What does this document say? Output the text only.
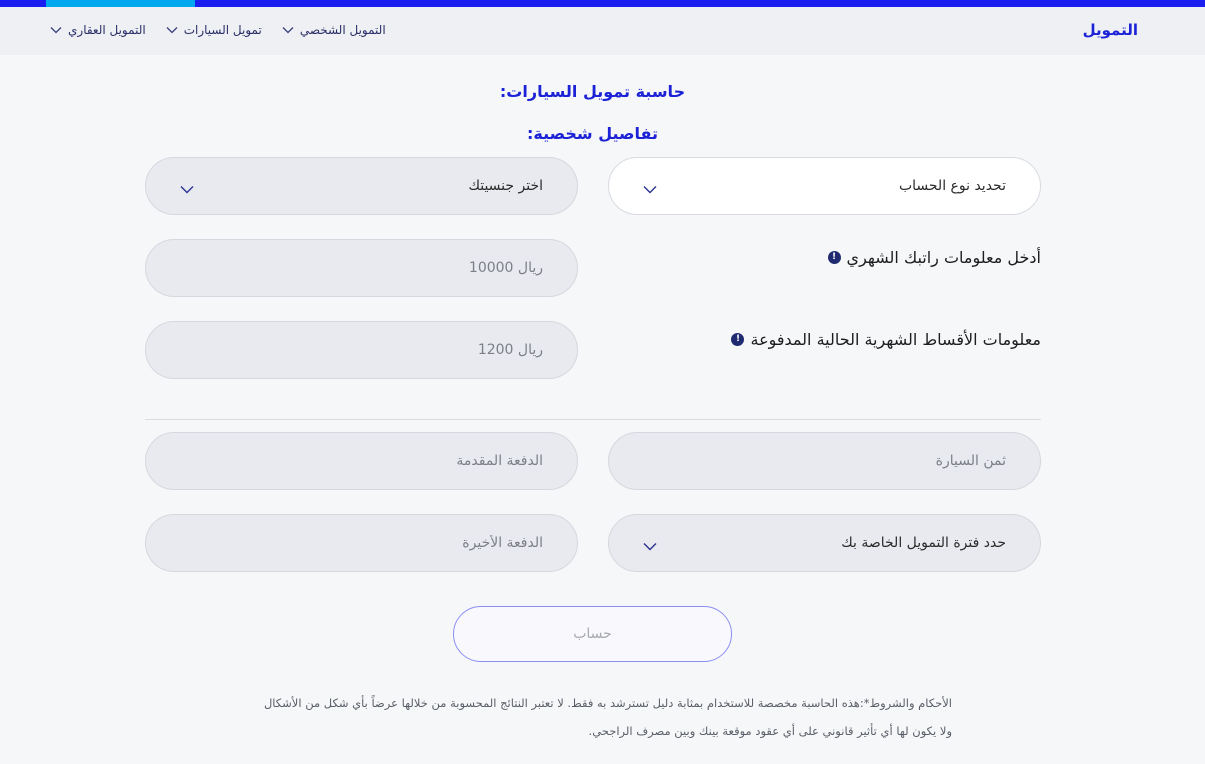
التمويل
التمويل العقاري	تمويل السيارات	التمويل الشخصي
حاسبة تمويل السيارات:
تفاصيل شخصية:
تحديد نوع الحساب
اختر جنسيتك
أدخل معلومات راتبك الشهري
!
ريال 10000
معلومات الأقساط الشهرية الحالية المدفوعة
!
ريال 1200
ثمن السيارة
الدفعة المقدمة
حدد فترة التمويل الخاصة بك
الدفعة الأخيرة
حساب
الأحكام والشروط*:هذه الحاسبة مخصصة للاستخدام بمثابة دليل تسترشد به فقط. لا تعتبر النتائج المحسوبة من خلالها عرضاً بأي شكل من الأشكال
ولا يكون لها أي تأثير قانوني على أي عقود موقعة بينك وبين مصرف الراجحي.
